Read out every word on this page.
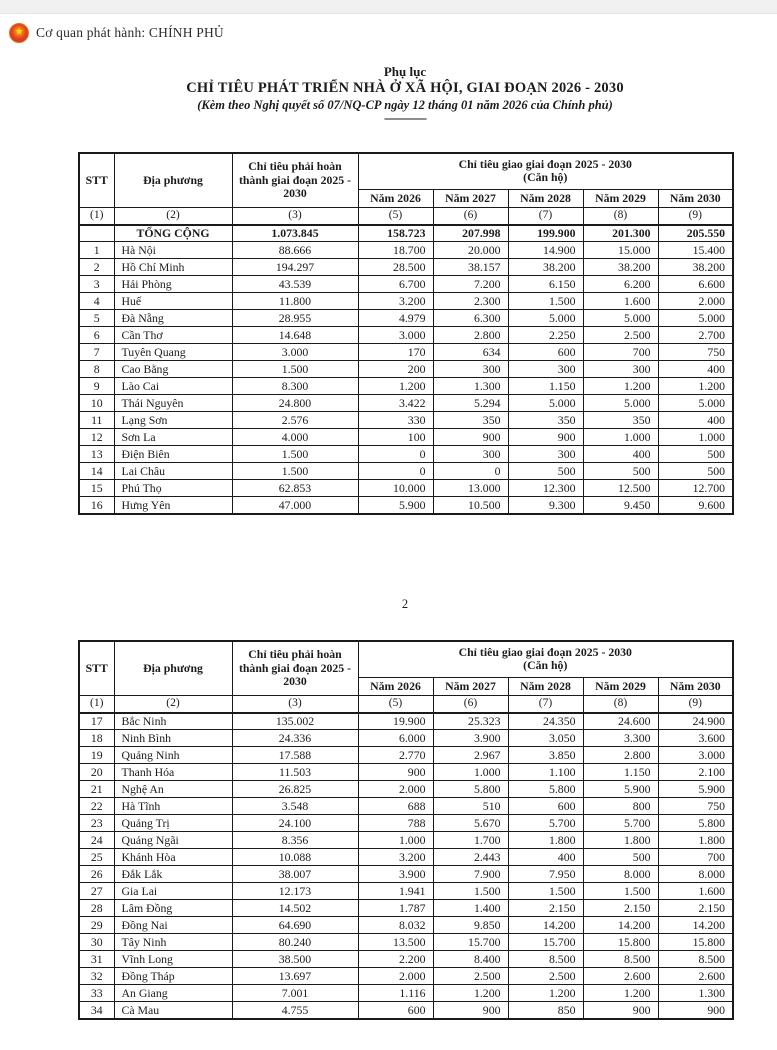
★ Cơ quan phát hành: CHÍNH PHỦ
Phụ lục
CHỈ TIÊU PHÁT TRIỂN NHÀ Ở XÃ HỘI, GIAI ĐOẠN 2026 - 2030
(Kèm theo Nghị quyết số 07/NQ-CP ngày 12 tháng 01 năm 2026 của Chính phủ)
--------------
STT	Địa phương	Chỉ tiêu phải hoàn thành giai đoạn 2025 - 2030	Chỉ tiêu giao giai đoạn 2025 - 2030
(Căn hộ)				

			Năm 2026	Năm 2027	Năm 2028	Năm 2029	Năm 2030
(1)	(2)	(3)	(5)	(6)	(7)	(8)	(9)
	TỔNG CỘNG	1.073.845	158.723	207.998	199.900	201.300	205.550
1	Hà Nội	88.666	18.700	20.000	14.900	15.000	15.400
2	Hồ Chí Minh	194.297	28.500	38.157	38.200	38.200	38.200
3	Hải Phòng	43.539	6.700	7.200	6.150	6.200	6.600
4	Huế	11.800	3.200	2.300	1.500	1.600	2.000
5	Đà Nẵng	28.955	4.979	6.300	5.000	5.000	5.000
6	Cần Thơ	14.648	3.000	2.800	2.250	2.500	2.700
7	Tuyên Quang	3.000	170	634	600	700	750
8	Cao Bằng	1.500	200	300	300	300	400
9	Lào Cai	8.300	1.200	1.300	1.150	1.200	1.200
10	Thái Nguyên	24.800	3.422	5.294	5.000	5.000	5.000
11	Lạng Sơn	2.576	330	350	350	350	400
12	Sơn La	4.000	100	900	900	1.000	1.000
13	Điện Biên	1.500	0	300	300	400	500
14	Lai Châu	1.500	0	0	500	500	500
15	Phú Thọ	62.853	10.000	13.000	12.300	12.500	12.700
16	Hưng Yên	47.000	5.900	10.500	9.300	9.450	9.600
2
STT	Địa phương	Chỉ tiêu phải hoàn thành giai đoạn 2025 - 2030	Chỉ tiêu giao giai đoạn 2025 - 2030
(Căn hộ)				

			Năm 2026	Năm 2027	Năm 2028	Năm 2029	Năm 2030
(1)	(2)	(3)	(5)	(6)	(7)	(8)	(9)
17	Bắc Ninh	135.002	19.900	25.323	24.350	24.600	24.900
18	Ninh Bình	24.336	6.000	3.900	3.050	3.300	3.600
19	Quảng Ninh	17.588	2.770	2.967	3.850	2.800	3.000
20	Thanh Hóa	11.503	900	1.000	1.100	1.150	2.100
21	Nghệ An	26.825	2.000	5.800	5.800	5.900	5.900
22	Hà Tĩnh	3.548	688	510	600	800	750
23	Quảng Trị	24.100	788	5.670	5.700	5.700	5.800
24	Quảng Ngãi	8.356	1.000	1.700	1.800	1.800	1.800
25	Khánh Hòa	10.088	3.200	2.443	400	500	700
26	Đắk Lắk	38.007	3.900	7.900	7.950	8.000	8.000
27	Gia Lai	12.173	1.941	1.500	1.500	1.500	1.600
28	Lâm Đồng	14.502	1.787	1.400	2.150	2.150	2.150
29	Đồng Nai	64.690	8.032	9.850	14.200	14.200	14.200
30	Tây Ninh	80.240	13.500	15.700	15.700	15.800	15.800
31	Vĩnh Long	38.500	2.200	8.400	8.500	8.500	8.500
32	Đồng Tháp	13.697	2.000	2.500	2.500	2.600	2.600
33	An Giang	7.001	1.116	1.200	1.200	1.200	1.300
34	Cà Mau	4.755	600	900	850	900	900
